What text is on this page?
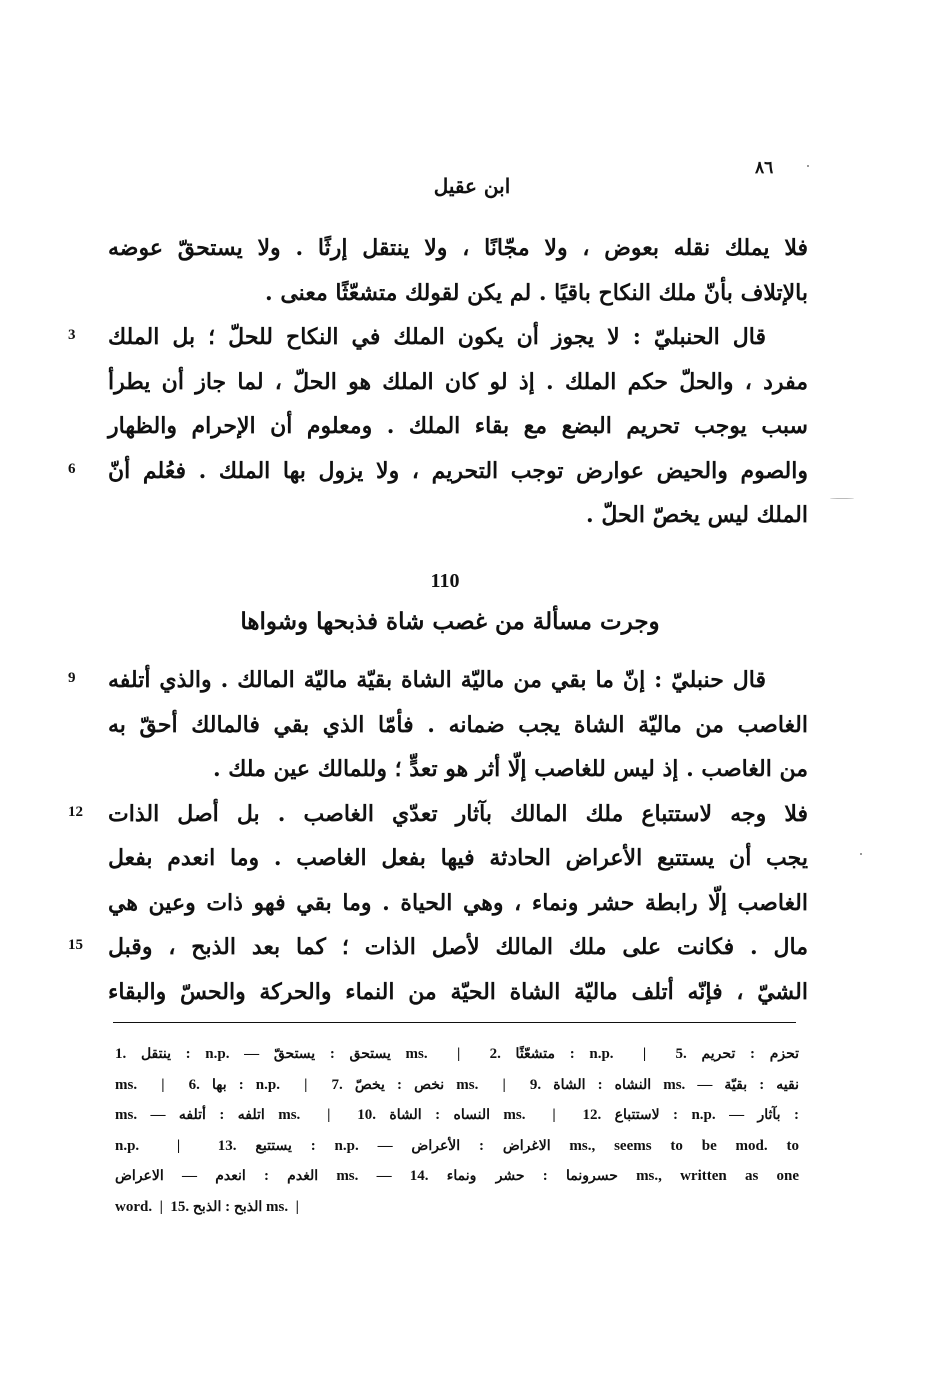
٨٦
ابن عقيل
فلا يملك نقله بعوض ، ولا مجّانًا ، ولا ينتقل إرثًا . ولا يستحقّ عوضه
بالإتلاف بأنّ ملك النكاح باقيًا . لم يكن لقولك متشعّثًا معنى .
قال الحنبليّ : لا يجوز أن يكون الملك في النكاح للحلّ ؛ بل الملك
3
مفرد ، والحلّ حكم الملك . إذ لو كان الملك هو الحلّ ، لما جاز أن يطرأ
سبب يوجب تحريم البضع مع بقاء الملك . ومعلوم أن الإحرام والظهار
والصوم والحيض عوارض توجب التحريم ، ولا يزول بها الملك . فعُلم أنّ
6
الملك ليس يخصّ الحلّ .
110
وجرت مسألة من غصب شاة فذبحها وشواها
قال حنبليّ : إنّ ما بقي من ماليّة الشاة بقيّة ماليّة المالك . والذي أتلفه
9
الغاصب من ماليّة الشاة يجب ضمانه . فأمّا الذي بقي فالمالك أحقّ به
من الغاصب . إذ ليس للغاصب إلّا أثر هو تعدٍّ ؛ وللمالك عين ملك .
فلا وجه لاستتباع ملك المالك بآثار تعدّي الغاصب . بل أصل الذات
12
يجب أن يستتبع الأعراض الحادثة فيها بفعل الغاصب . وما انعدم بفعل
الغاصب إلّا رابطة حشر ونماء ، وهي الحياة . وما بقي فهو ذات وعين هي
مال . فكانت على ملك المالك لأصل الذات ؛ كما بعد الذبح ، وقبل
15
الشيّ ، فإنّه أتلف ماليّة الشاة الحيّة من النماء والحركة والحسّ والبقاء
1. ينتقل : n.p. — يستحقّ : يستحق ms.  |  2. متشعّثًا : n.p.  |  5. تحريم : تحزم
ms.  |  6. بها : n.p.  |  7. يخصّ : نخص ms.  |  9. الشاة : النشاه ms. — بقيّة : نقيه
ms. — أتلفه : اتلفه ms.  |  10. الشاة : النساه ms.  |  12. لاستتباع : n.p. — بآثار :
n.p.  |  13. يستتبع : n.p. — الأعراض : الاغراض ms., seems to be mod. to
الاعراض — انعدم : الغدم ms. — 14. حشر ونماء : حسرونما ms., written as one
word.  |  15. الذبح : الذبح ms.  |
